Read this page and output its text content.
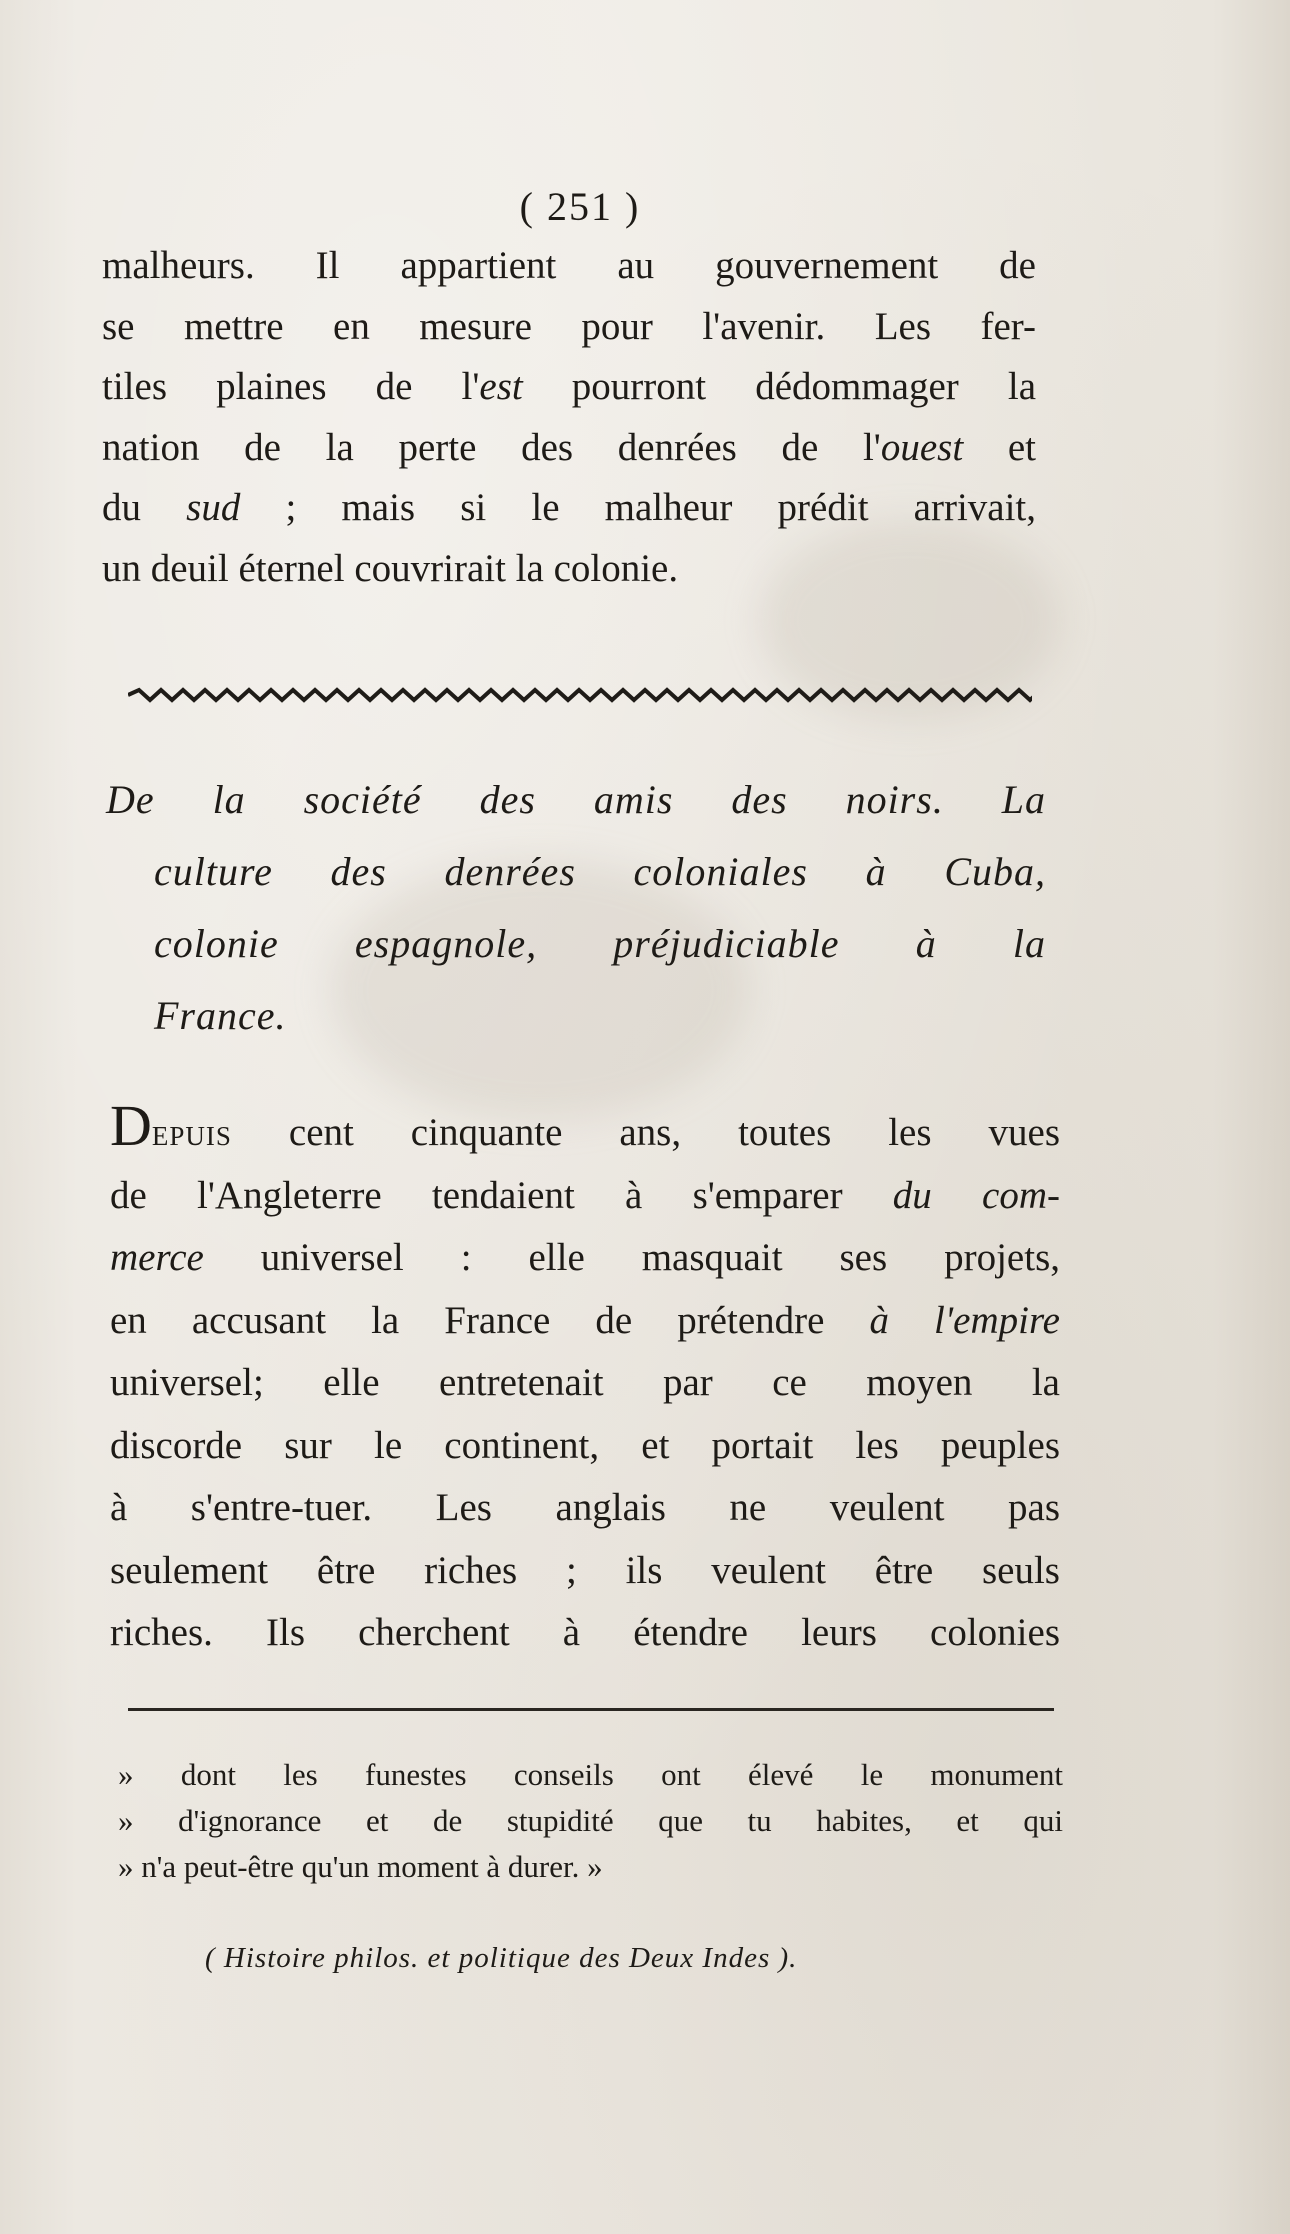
( 251 )

malheurs. Il appartient au gouvernement de

se mettre en mesure pour l'avenir. Les fer-

tiles plaines de l'est pourront dédommager la

nation de la perte des denrées de l'ouest et

du sud ; mais si le malheur prédit arrivait,

un deuil éternel couvrirait la colonie.

De la société des amis des noirs. La

culture des denrées coloniales à Cuba,

colonie espagnole, préjudiciable à la

France.

Depuis cent cinquante ans, toutes les vues

de l'Angleterre tendaient à s'emparer du com-

merce universel : elle masquait ses projets,

en accusant la France de prétendre à l'empire

universel; elle entretenait par ce moyen la

discorde sur le continent, et portait les peuples

à s'entre-tuer. Les anglais ne veulent pas

seulement être riches ; ils veulent être seuls

riches. Ils cherchent à étendre leurs colonies

» dont les funestes conseils ont élevé le monument

» d'ignorance et de stupidité que tu habites, et qui

» n'a peut-être qu'un moment à durer. »

( Histoire philos. et politique des Deux Indes ).
